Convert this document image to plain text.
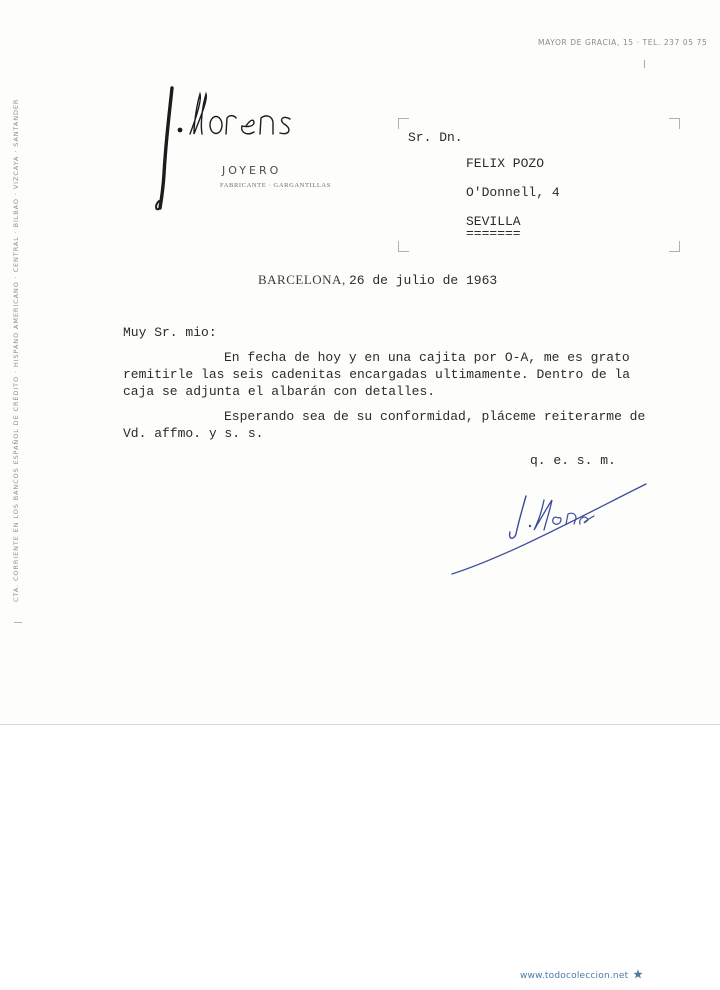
MAYOR DE GRACIA, 15 · TEL. 237 05 75
JOYERO
FABRICANTE · GARGANTILLAS
CTA. CORRIENTE EN LOS BANCOS ESPAÑOL DE CRÉDITO · HISPANO AMERICANO · CENTRAL · BILBAO · VIZCAYA · SANTANDER	Sr. Dn.
FELIX POZO
O'Donnell, 4
SEVILLA
=======
BARCELONA, 26 de julio de 1963
Muy Sr. mio:
En fecha de hoy y en una cajita por O-A, me es grato
remitirle las seis cadenitas encargadas ultimamente. Dentro de la
caja se adjunta el albarán con detalles.
Esperando sea de su conformidad, pláceme reiterarme de
Vd. affmo. y s. s.
q. e. s. m.
www.todocoleccion.net
